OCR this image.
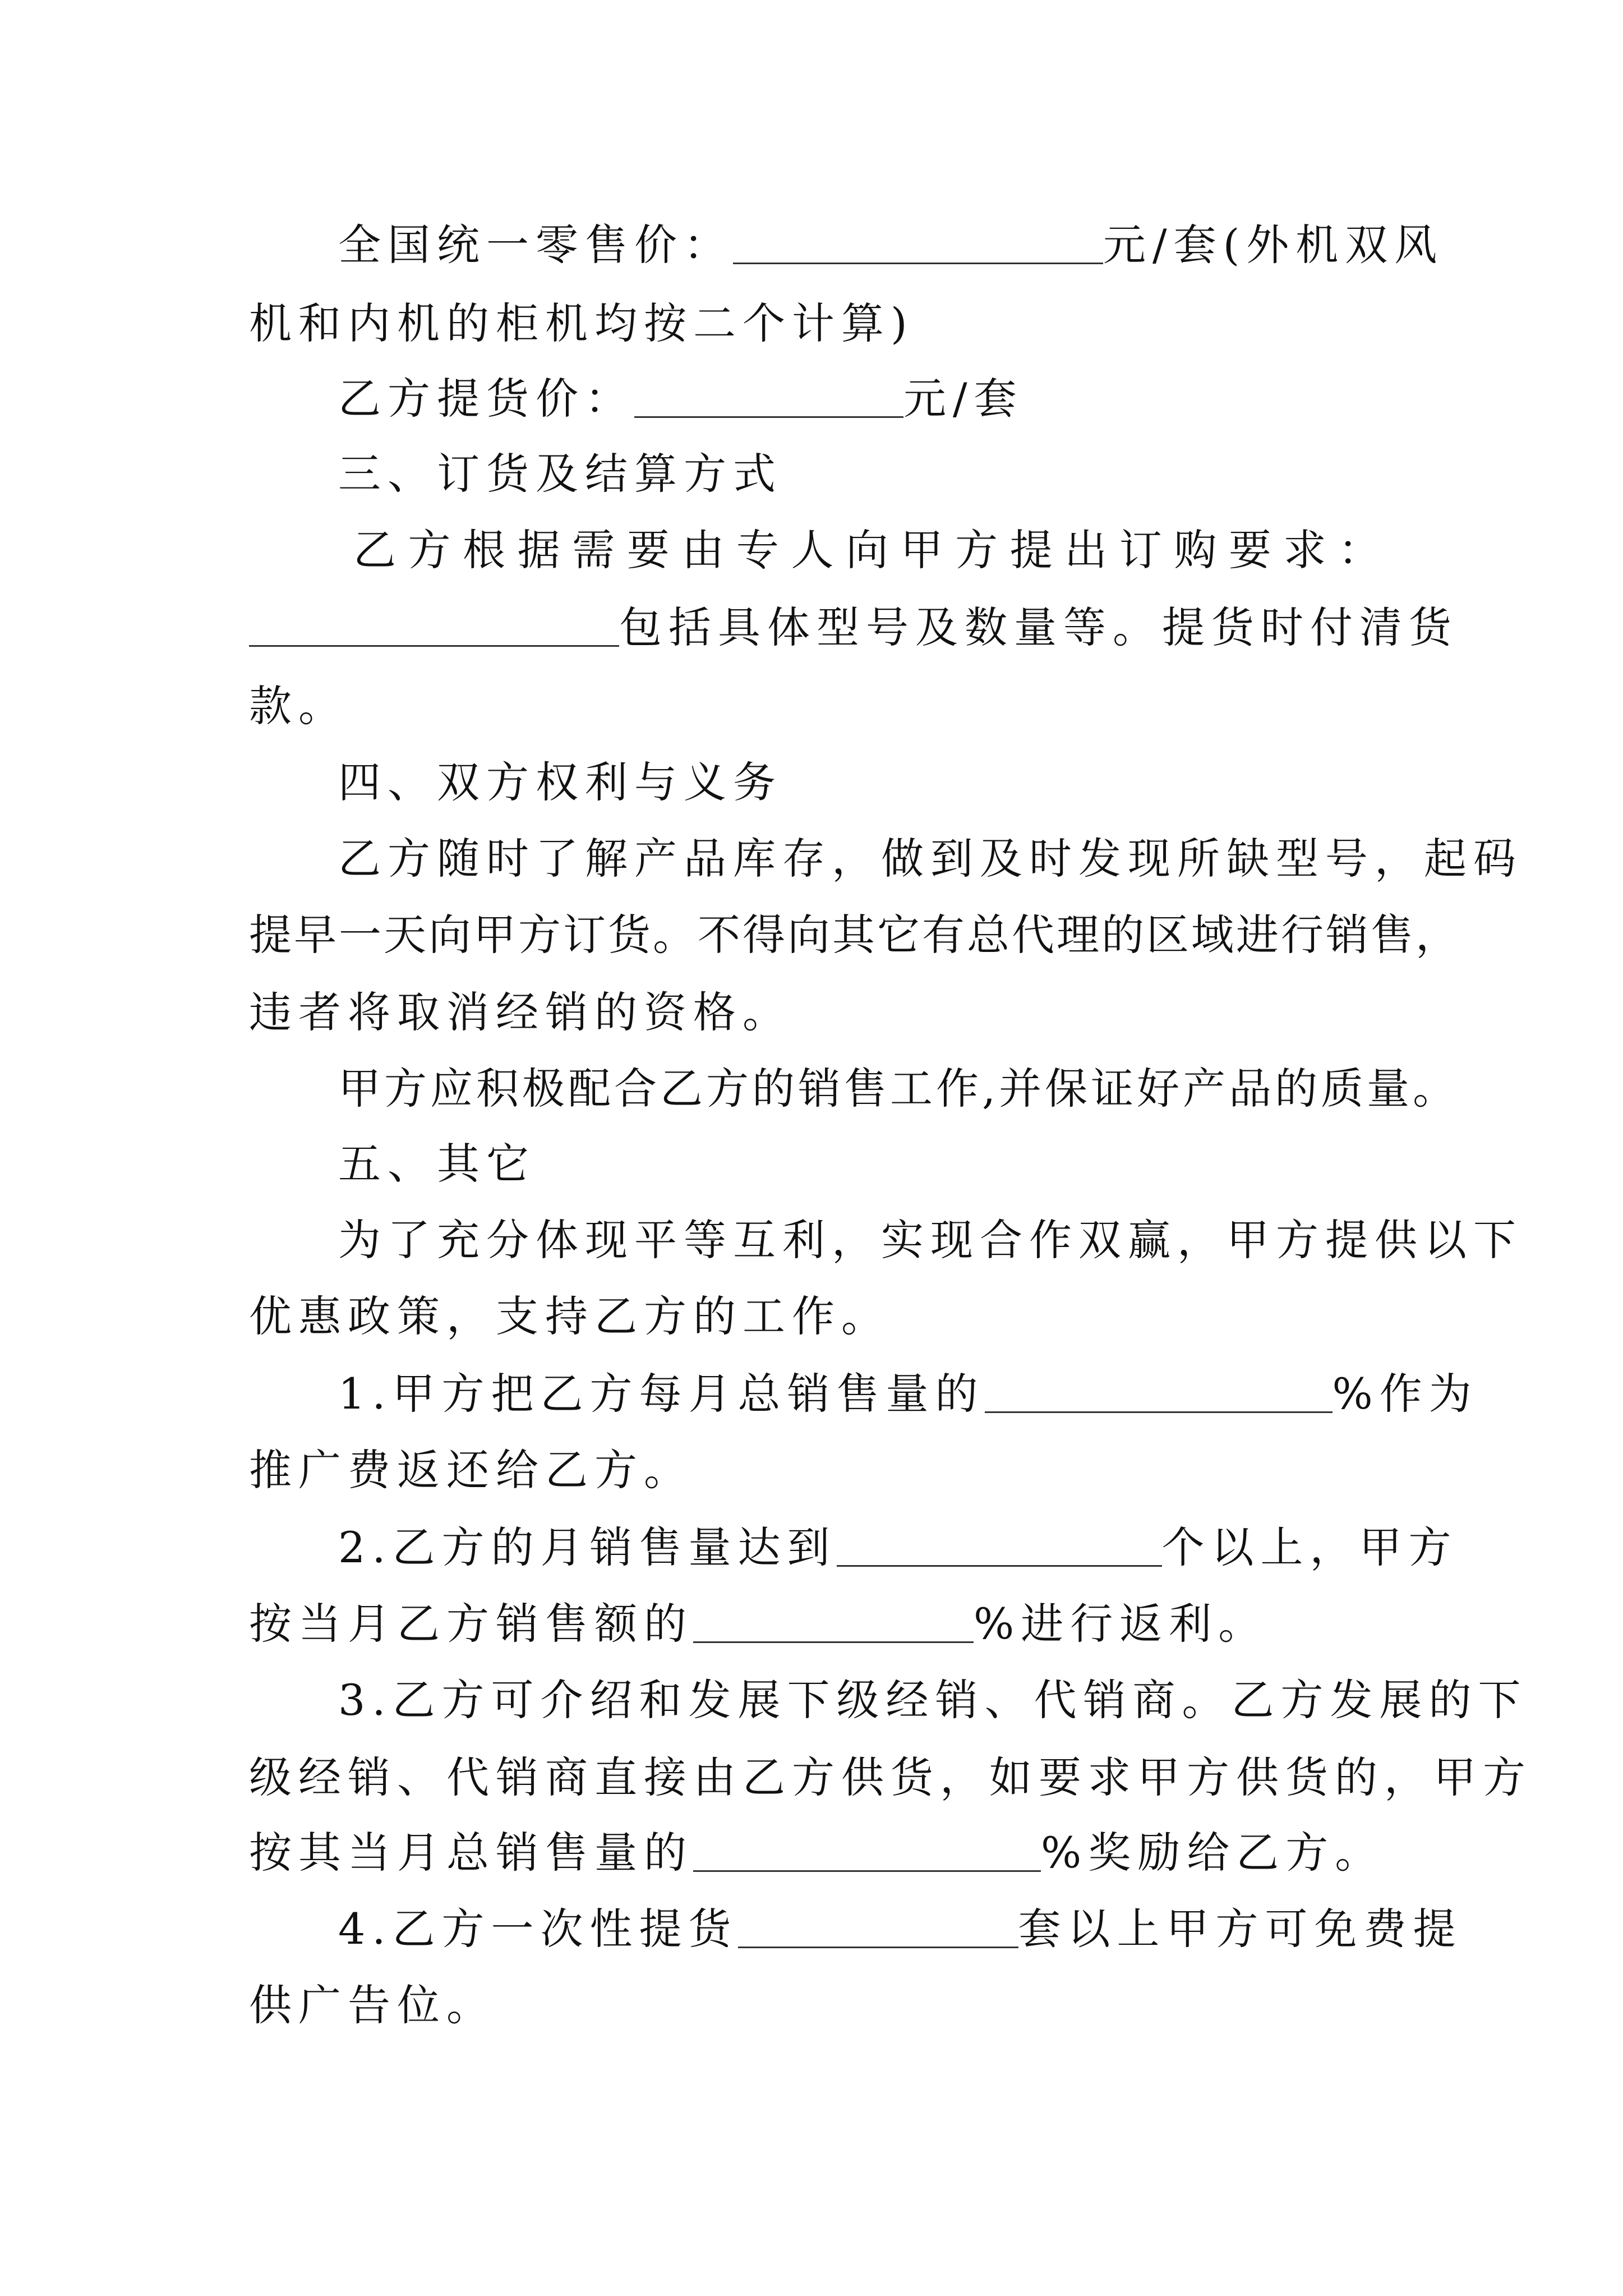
全国统一零售价：	元/套(外机双风
机和内机的柜机均按二个计算)
乙方提货价：	元/套
三、订货及结算方式
乙方根据需要由专人向甲方提出订购要求：
包括具体型号及数量等。提货时付清货
款。
四、双方权利与义务
乙方随时了解产品库存，做到及时发现所缺型号，起码
提早一天向甲方订货。不得向其它有总代理的区域进行销售，
违者将取消经销的资格。
甲方应积极配合乙方的销售工作,并保证好产品的质量。
五、其它
为了充分体现平等互利，实现合作双赢，甲方提供以下
优惠政策，支持乙方的工作。
1.甲方把乙方每月总销售量的	%作为
推广费返还给乙方。
2.乙方的月销售量达到	个以上，甲方
按当月乙方销售额的	%进行返利。
3.乙方可介绍和发展下级经销、代销商。乙方发展的下
级经销、代销商直接由乙方供货，如要求甲方供货的，甲方
按其当月总销售量的	%奖励给乙方。
4.乙方一次性提货	套以上甲方可免费提
供广告位。
